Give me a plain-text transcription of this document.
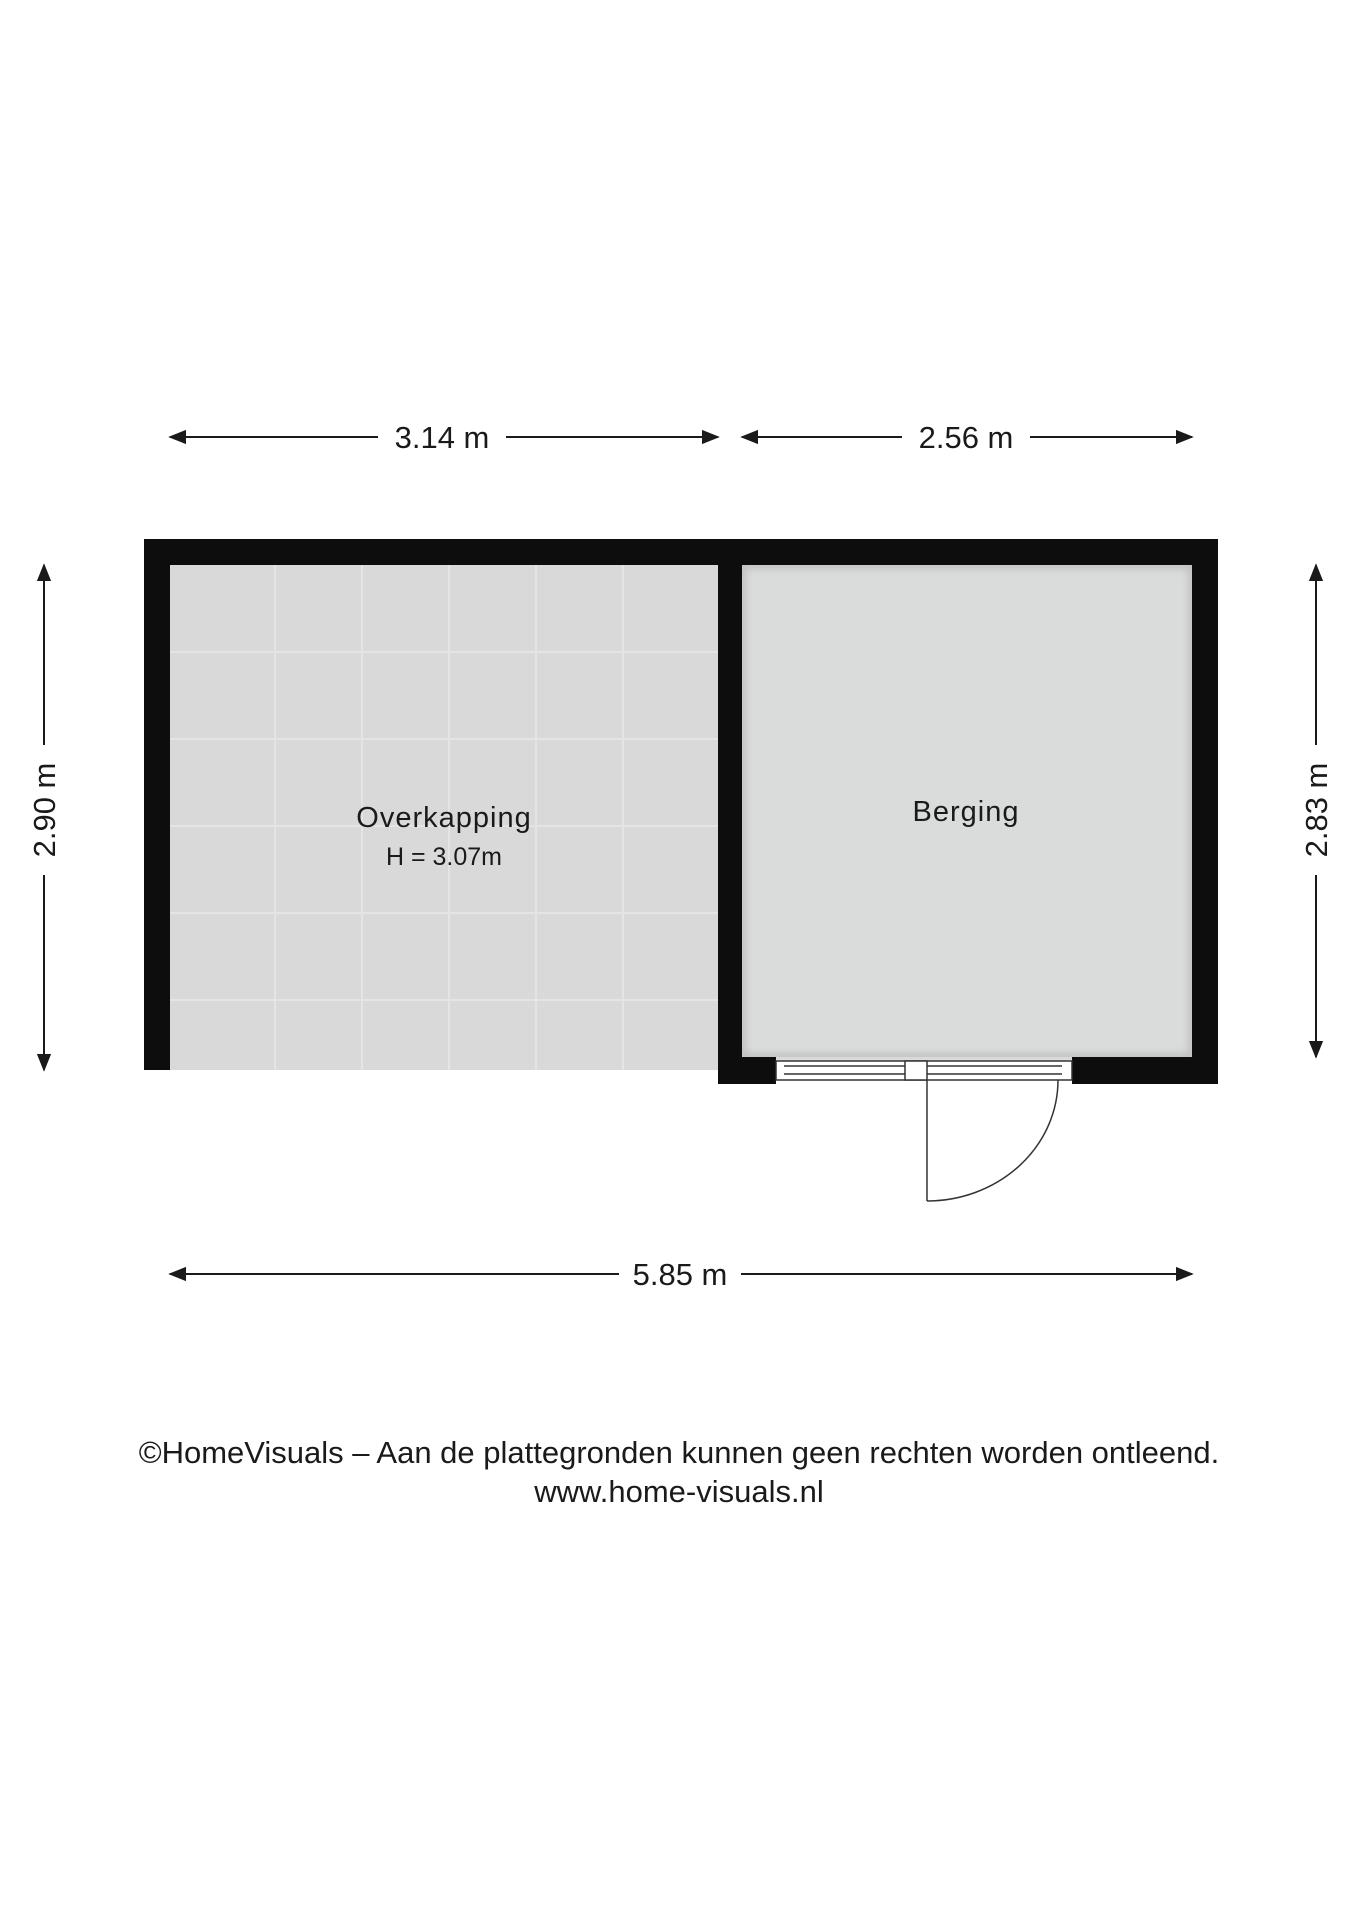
3.14 m	2.56 m
5.85 m
2.90 m	2.83 m
Overkapping
H = 3.07m
Berging
©HomeVisuals – Aan de plattegronden kunnen geen rechten worden ontleend.
www.home-visuals.nl
